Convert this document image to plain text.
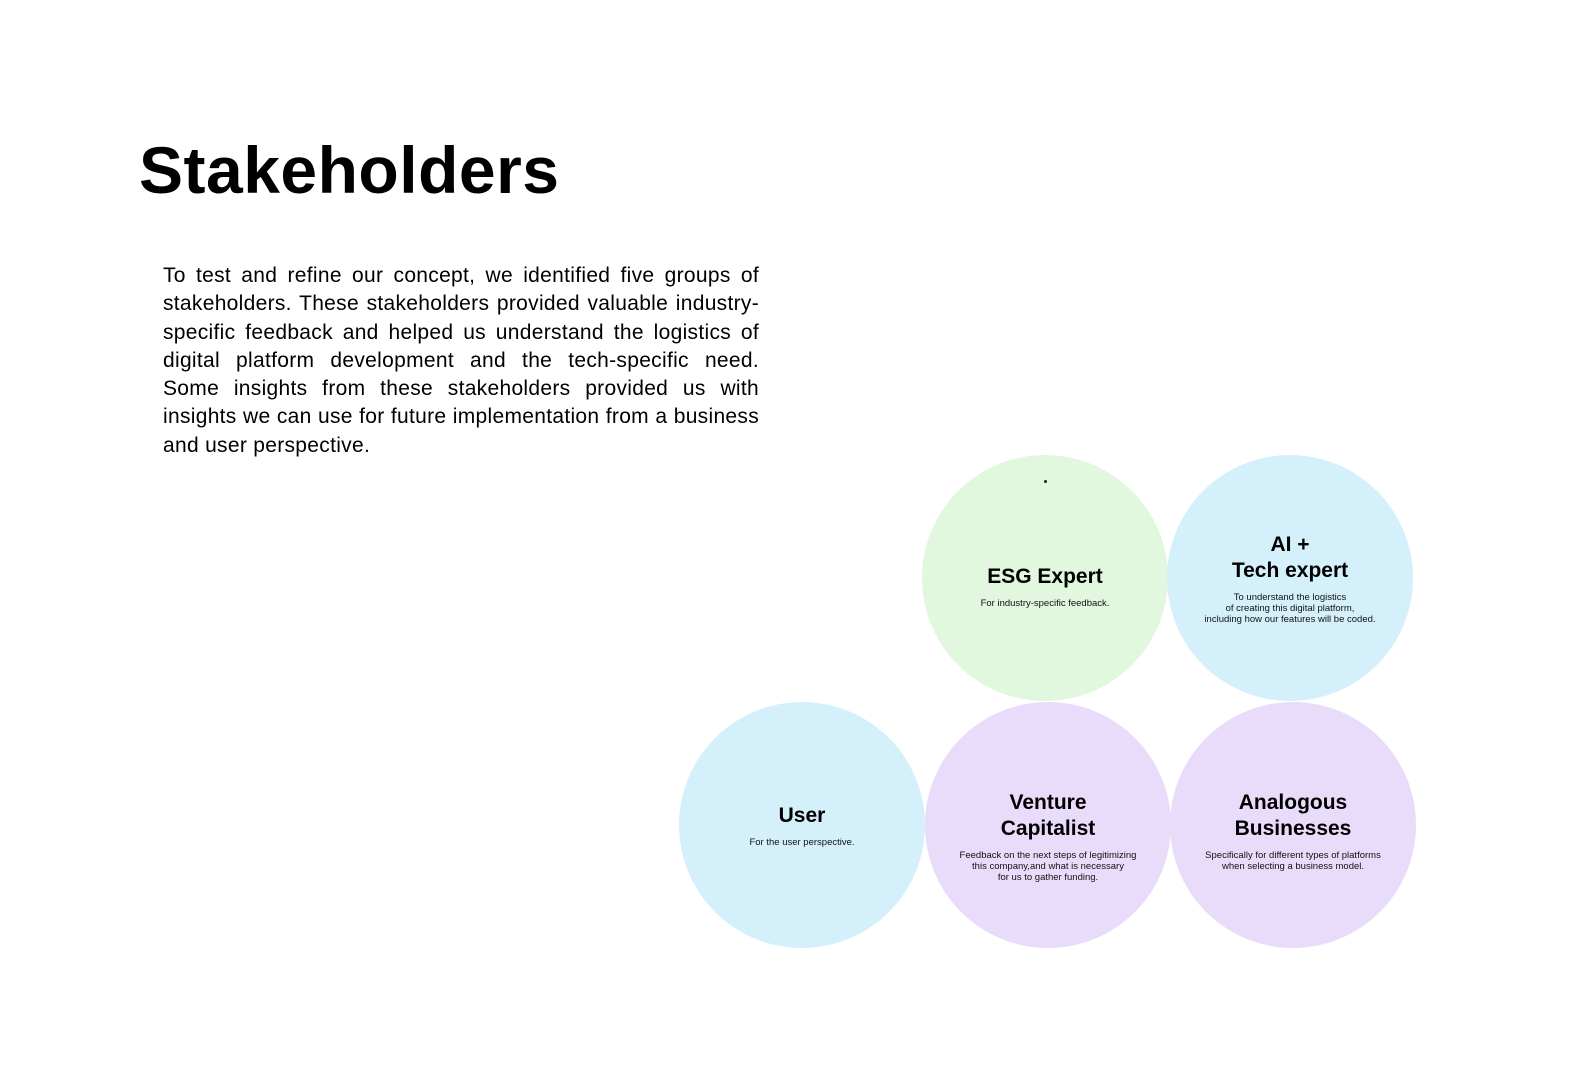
Stakeholders

To test and refine our concept, we identified five groups of stakeholders. These stakeholders provided valuable industry-specific feedback and helped us understand the logistics of digital platform development and the tech-specific need. Some insights from these stakeholders provided us with insights we can use for future implementation from a business and user perspective.

ESG Expert
For industry-specific feedback.
AI +
Tech expert
To understand the logistics
of creating this digital platform,
including how our features will be coded.
User
For the user perspective.
Venture
Capitalist
Feedback on the next steps of legitimizing
this company,and what is necessary
for us to gather funding.
Analogous
Businesses
Specifically for different types of platforms
when selecting a business model.
